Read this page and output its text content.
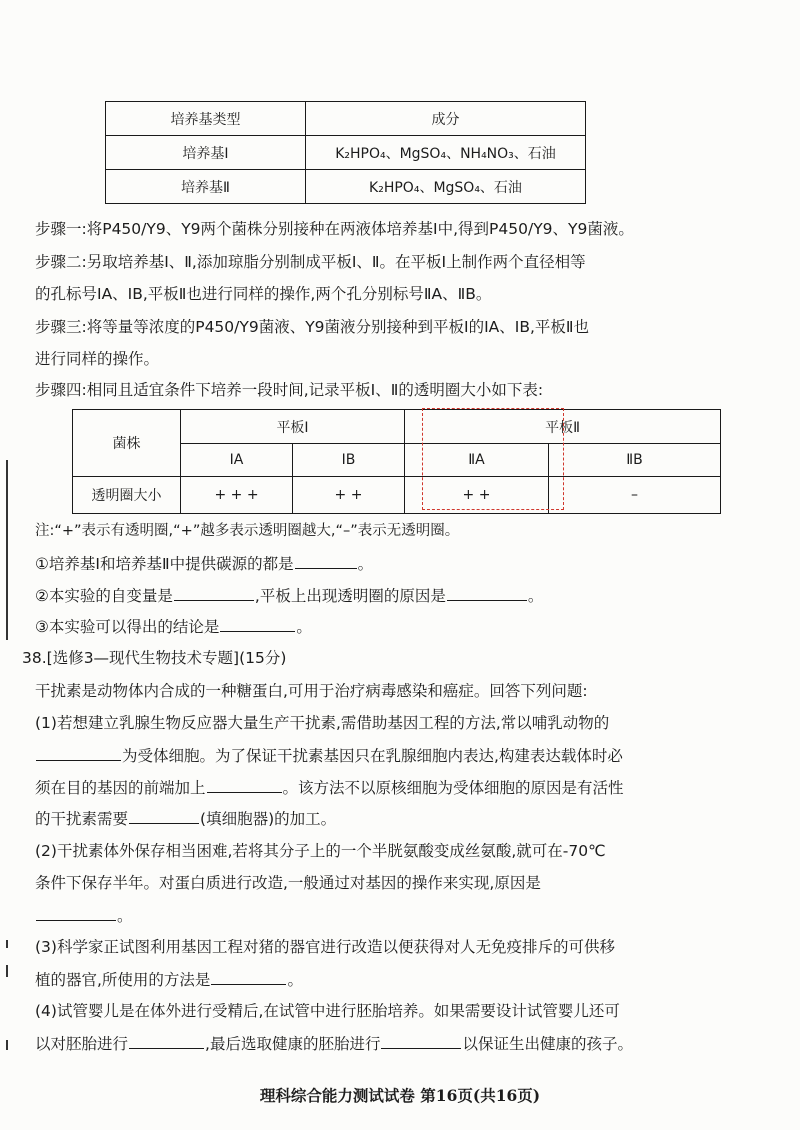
培养基类型	成分
培养基Ⅰ	K₂HPO₄、MgSO₄、NH₄NO₃、石油
培养基Ⅱ	K₂HPO₄、MgSO₄、石油
步骤一:将P450/Y9、Y9两个菌株分别接种在两液体培养基Ⅰ中,得到P450/Y9、Y9菌液。
步骤二:另取培养基Ⅰ、Ⅱ,添加琼脂分别制成平板Ⅰ、Ⅱ。在平板Ⅰ上制作两个直径相等
的孔标号ⅠA、ⅠB,平板Ⅱ也进行同样的操作,两个孔分别标号ⅡA、ⅡB。
步骤三:将等量等浓度的P450/Y9菌液、Y9菌液分别接种到平板Ⅰ的ⅠA、ⅠB,平板Ⅱ也
进行同样的操作。
步骤四:相同且适宜条件下培养一段时间,记录平板Ⅰ、Ⅱ的透明圈大小如下表:
菌株	平板Ⅰ		平板Ⅱ	
	ⅠA	ⅠB	ⅡA	ⅡB
透明圈大小	+ + +	+ +	+ +	–
注:“+”表示有透明圈,“+”越多表示透明圈越大,“–”表示无透明圈。
①培养基Ⅰ和培养基Ⅱ中提供碳源的都是	。
②本实验的自变量是	,平板上出现透明圈的原因是	。
③本实验可以得出的结论是	。
38.[选修3—现代生物技术专题](15分)
干扰素是动物体内合成的一种糖蛋白,可用于治疗病毒感染和癌症。回答下列问题:
(1)若想建立乳腺生物反应器大量生产干扰素,需借助基因工程的方法,常以哺乳动物的
为受体细胞。为了保证干扰素基因只在乳腺细胞内表达,构建表达载体时必
须在目的基因的前端加上	。该方法不以原核细胞为受体细胞的原因是有活性
的干扰素需要	(填细胞器)的加工。
(2)干扰素体外保存相当困难,若将其分子上的一个半胱氨酸变成丝氨酸,就可在-70℃
条件下保存半年。对蛋白质进行改造,一般通过对基因的操作来实现,原因是
。
(3)科学家正试图利用基因工程对猪的器官进行改造以便获得对人无免疫排斥的可供移
植的器官,所使用的方法是	。
(4)试管婴儿是在体外进行受精后,在试管中进行胚胎培养。如果需要设计试管婴儿还可
以对胚胎进行	,最后选取健康的胚胎进行	以保证生出健康的孩子。
理科综合能力测试试卷 第16页(共16页)
